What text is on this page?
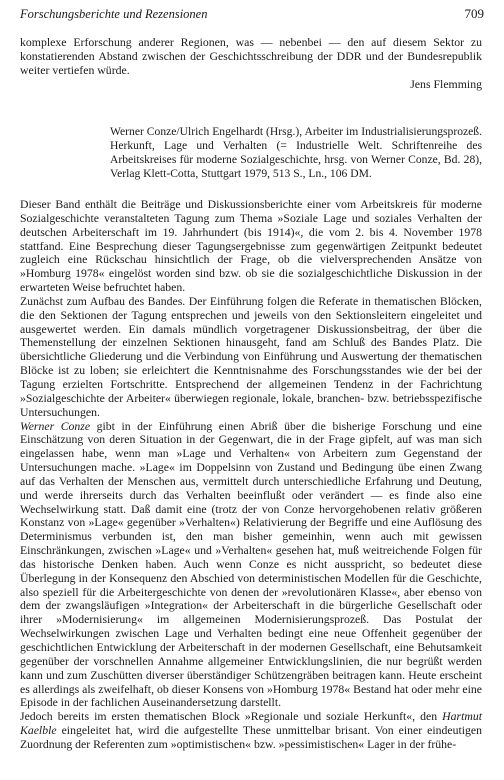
Forschungsberichte und Rezensionen	709
komplexe Erforschung anderer Regionen, was — nebenbei — den auf diesem Sektor zu konstatierenden Abstand zwischen der Geschichtsschreibung der DDR und der Bundesrepublik weiter vertiefen würde.
Jens Flemming
Werner Conze/Ulrich Engelhardt (Hrsg.), Arbeiter im Industrialisierungsprozeß. Herkunft, Lage und Verhalten (= Industrielle Welt. Schriftenreihe des Arbeitskreises für moderne Sozialgeschichte, hrsg. von Werner Conze, Bd. 28), Verlag Klett-Cotta, Stuttgart 1979, 513 S., Ln., 106 DM.

Dieser Band enthält die Beiträge und Diskussionsberichte einer vom Arbeitskreis für moderne Sozialgeschichte veranstalteten Tagung zum Thema »Soziale Lage und soziales Verhalten der deutschen Arbeiterschaft im 19. Jahrhundert (bis 1914)«, die vom 2. bis 4. November 1978 stattfand. Eine Besprechung dieser Tagungsergebnisse zum gegenwärtigen Zeitpunkt bedeutet zugleich eine Rückschau hinsichtlich der Frage, ob die vielversprechenden Ansätze von »Homburg 1978« eingelöst worden sind bzw. ob sie die sozialgeschichtliche Diskussion in der erwarteten Weise befruchtet haben.

Zunächst zum Aufbau des Bandes. Der Einführung folgen die Referate in thematischen Blöcken, die den Sektionen der Tagung entsprechen und jeweils von den Sektionsleitern eingeleitet und ausgewertet werden. Ein damals mündlich vorgetragener Diskussionsbeitrag, der über die Themenstellung der einzelnen Sektionen hinausgeht, fand am Schluß des Bandes Platz. Die übersichtliche Gliederung und die Verbindung von Einführung und Auswertung der thematischen Blöcke ist zu loben; sie erleichtert die Kenntnisnahme des Forschungsstandes wie der bei der Tagung erzielten Fortschritte. Entsprechend der allgemeinen Tendenz in der Fachrichtung »Sozialgeschichte der Arbeiter« überwiegen regionale, lokale, branchen- bzw. betriebsspezifische Untersuchungen.

Werner Conze gibt in der Einführung einen Abriß über die bisherige Forschung und eine Einschätzung von deren Situation in der Gegenwart, die in der Frage gipfelt, auf was man sich eingelassen habe, wenn man »Lage und Verhalten« von Arbeitern zum Gegenstand der Untersuchungen mache. »Lage« im Doppelsinn von Zustand und Bedingung übe einen Zwang auf das Verhalten der Menschen aus, vermittelt durch unterschiedliche Erfahrung und Deutung, und werde ihrerseits durch das Verhalten beeinflußt oder verändert — es finde also eine Wechselwirkung statt. Daß damit eine (trotz der von Conze hervorgehobenen relativ größeren Konstanz von »Lage« gegenüber »Verhalten«) Relativierung der Begriffe und eine Auflösung des Determinismus verbunden ist, den man bisher gemeinhin, wenn auch mit gewissen Einschränkungen, zwischen »Lage« und »Verhalten« gesehen hat, muß weitreichende Folgen für das historische Denken haben. Auch wenn Conze es nicht ausspricht, so bedeutet diese Überlegung in der Konsequenz den Abschied von deterministischen Modellen für die Geschichte, also speziell für die Arbeitergeschichte von denen der »revolutionären Klasse«, aber ebenso von dem der zwangsläufigen »Integration« der Arbeiterschaft in die bürgerliche Gesellschaft oder ihrer »Modernisierung« im allgemeinen Modernisierungsprozeß. Das Postulat der Wechselwirkungen zwischen Lage und Verhalten bedingt eine neue Offenheit gegenüber der geschichtlichen Entwicklung der Arbeiterschaft in der modernen Gesellschaft, eine Behutsamkeit gegenüber der vorschnellen Annahme allgemeiner Entwicklungslinien, die nur begrüßt werden kann und zum Zuschütten diverser überständiger Schützengräben beitragen kann. Heute erscheint es allerdings als zweifelhaft, ob dieser Konsens von »Homburg 1978« Bestand hat oder mehr eine Episode in der fachlichen Auseinandersetzung darstellt.

Jedoch bereits im ersten thematischen Block »Regionale und soziale Herkunft«, den Hartmut Kaelble eingeleitet hat, wird die aufgestellte These unmittelbar brisant. Von einer eindeutigen Zuordnung der Referenten zum »optimistischen« bzw. »pessimistischen« Lager in der frühe-
